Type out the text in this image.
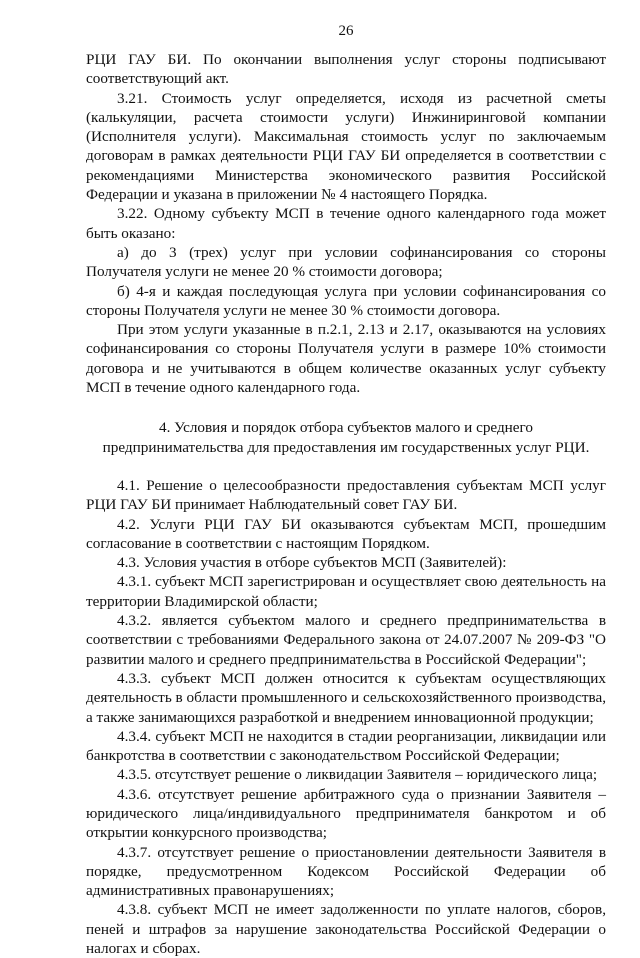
26

РЦИ ГАУ БИ. По окончании выполнения услуг стороны подписывают соответствующий акт.

3.21. Стоимость услуг определяется, исходя из расчетной сметы (калькуляции, расчета стоимости услуги) Инжиниринговой компании (Исполнителя услуги). Максимальная стоимость услуг по заключаемым договорам в рамках деятельности РЦИ ГАУ БИ определяется в соответствии с рекомендациями Министерства экономического развития Российской Федерации и указана в приложении № 4 настоящего Порядка.

3.22. Одному субъекту МСП в течение одного календарного года может быть оказано:

а) до 3 (трех) услуг при условии софинансирования со стороны Получателя услуги не менее 20 % стоимости договора;

б) 4-я и каждая последующая услуга при условии софинансирования со стороны Получателя услуги не менее 30 % стоимости договора.

При этом услуги указанные в п.2.1, 2.13 и 2.17, оказываются на условиях софинансирования со стороны Получателя услуги в размере 10% стоимости договора и не учитываются в общем количестве оказанных услуг субъекту МСП в течение одного календарного года.

4. Условия и порядок отбора субъектов малого и среднего
предпринимательства для предоставления им государственных услуг РЦИ.

4.1. Решение о целесообразности предоставления субъектам МСП услуг РЦИ ГАУ БИ принимает Наблюдательный совет ГАУ БИ.

4.2. Услуги РЦИ ГАУ БИ оказываются субъектам МСП, прошедшим согласование в соответствии с настоящим Порядком.

4.3. Условия участия в отборе субъектов МСП (Заявителей):

4.3.1. субъект МСП зарегистрирован и осуществляет свою деятельность на территории Владимирской области;

4.3.2. является субъектом малого и среднего предпринимательства в соответствии с требованиями Федерального закона от 24.07.2007 № 209-ФЗ "О развитии малого и среднего предпринимательства в Российской Федерации";

4.3.3. субъект МСП должен относится к субъектам осуществляющих деятельность в области промышленного и сельскохозяйственного производства, а также занимающихся разработкой и внедрением инновационной продукции;

4.3.4. субъект МСП не находится в стадии реорганизации, ликвидации или банкротства в соответствии с законодательством Российской Федерации;

4.3.5. отсутствует решение о ликвидации Заявителя – юридического лица;

4.3.6. отсутствует решение арбитражного суда о признании Заявителя – юридического лица/индивидуального предпринимателя банкротом и об открытии конкурсного производства;

4.3.7. отсутствует решение о приостановлении деятельности Заявителя в порядке, предусмотренном Кодексом Российской Федерации об административных правонарушениях;

4.3.8. субъект МСП не имеет задолженности по уплате налогов, сборов, пеней и штрафов за нарушение законодательства Российской Федерации о налогах и сборах.
